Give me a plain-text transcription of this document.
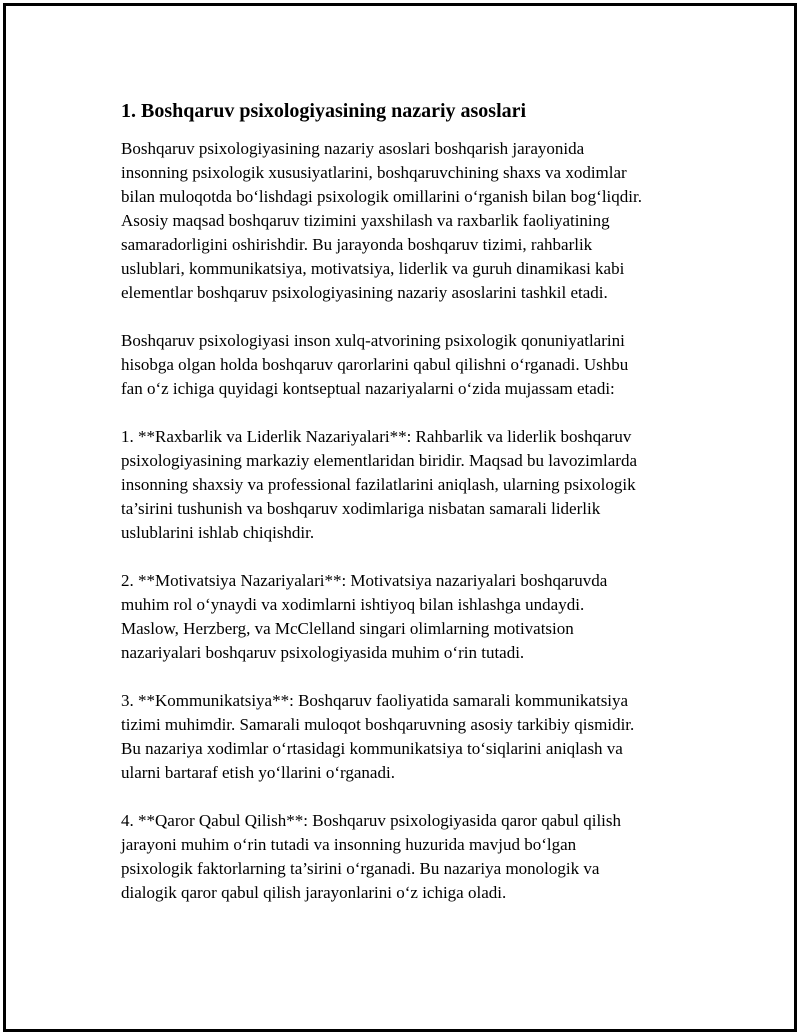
1. Boshqaruv psixologiyasining nazariy asoslari

Boshqaruv psixologiyasining nazariy asoslari boshqarish jarayonida
insonning psixologik xususiyatlarini, boshqaruvchining shaxs va xodimlar
bilan muloqotda bo‘lishdagi psixologik omillarini o‘rganish bilan bog‘liqdir.
Asosiy maqsad boshqaruv tizimini yaxshilash va raxbarlik faoliyatining
samaradorligini oshirishdir. Bu jarayonda boshqaruv tizimi, rahbarlik
uslublari, kommunikatsiya, motivatsiya, liderlik va guruh dinamikasi kabi
elementlar boshqaruv psixologiyasining nazariy asoslarini tashkil etadi.

Boshqaruv psixologiyasi inson xulq-atvorining psixologik qonuniyatlarini
hisobga olgan holda boshqaruv qarorlarini qabul qilishni o‘rganadi. Ushbu
fan o‘z ichiga quyidagi kontseptual nazariyalarni o‘zida mujassam etadi:

1. **Raxbarlik va Liderlik Nazariyalari**: Rahbarlik va liderlik boshqaruv
psixologiyasining markaziy elementlaridan biridir. Maqsad bu lavozimlarda
insonning shaxsiy va professional fazilatlarini aniqlash, ularning psixologik
ta’sirini tushunish va boshqaruv xodimlariga nisbatan samarali liderlik
uslublarini ishlab chiqishdir.

2. **Motivatsiya Nazariyalari**: Motivatsiya nazariyalari boshqaruvda
muhim rol o‘ynaydi va xodimlarni ishtiyoq bilan ishlashga undaydi.
Maslow, Herzberg, va McClelland singari olimlarning motivatsion
nazariyalari boshqaruv psixologiyasida muhim o‘rin tutadi.

3. **Kommunikatsiya**: Boshqaruv faoliyatida samarali kommunikatsiya
tizimi muhimdir. Samarali muloqot boshqaruvning asosiy tarkibiy qismidir.
Bu nazariya xodimlar o‘rtasidagi kommunikatsiya to‘siqlarini aniqlash va
ularni bartaraf etish yo‘llarini o‘rganadi.

4. **Qaror Qabul Qilish**: Boshqaruv psixologiyasida qaror qabul qilish
jarayoni muhim o‘rin tutadi va insonning huzurida mavjud bo‘lgan
psixologik faktorlarning ta’sirini o‘rganadi. Bu nazariya monologik va
dialogik qaror qabul qilish jarayonlarini o‘z ichiga oladi.
